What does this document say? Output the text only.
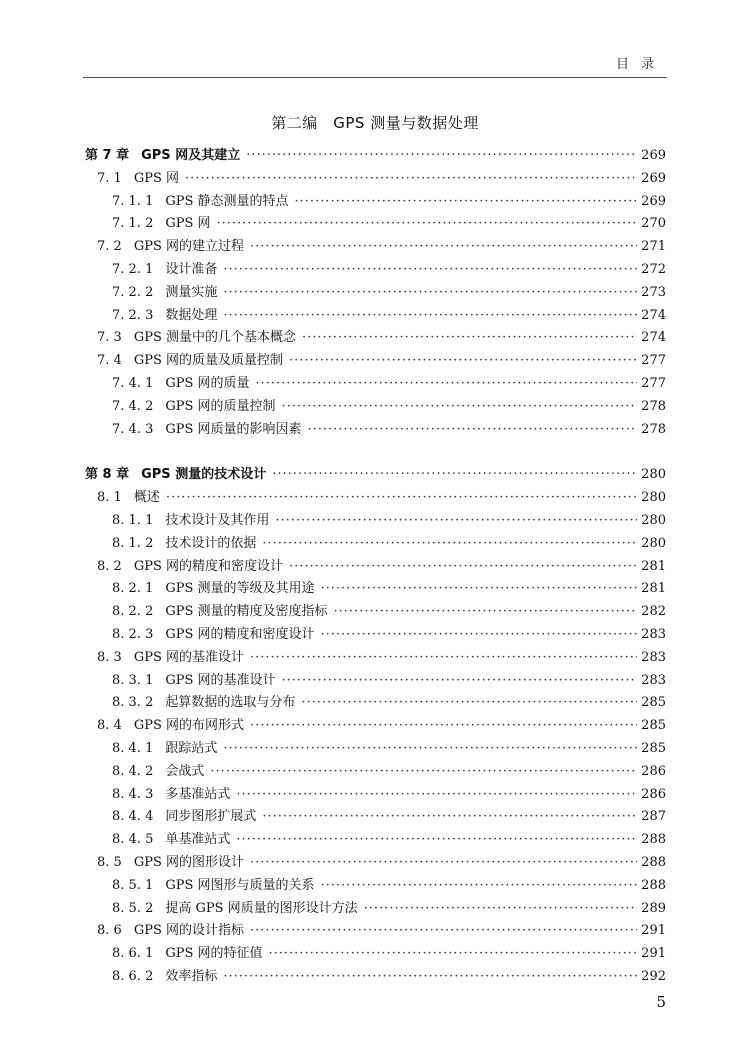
目录
第二编　GPS 测量与数据处理
第 7 章 GPS 网及其建立 ·····	269
7. 1 GPS 网 ·····	269
7. 1. 1 GPS 静态测量的特点 ·····	269
7. 1. 2 GPS 网 ·····	270
7. 2 GPS 网的建立过程 ·····	271
7. 2. 1 设计准备 ·····	272
7. 2. 2 测量实施 ·····	273
7. 2. 3 数据处理 ·····	274
7. 3 GPS 测量中的几个基本概念 ·····	274
7. 4 GPS 网的质量及质量控制 ·····	277
7. 4. 1 GPS 网的质量 ·····	277
7. 4. 2 GPS 网的质量控制 ·····	278
7. 4. 3 GPS 网质量的影响因素 ·····	278
第 8 章 GPS 测量的技术设计 ·····	280
8. 1 概述 ·····	280
8. 1. 1 技术设计及其作用 ·····	280
8. 1. 2 技术设计的依据 ·····	280
8. 2 GPS 网的精度和密度设计 ·····	281
8. 2. 1 GPS 测量的等级及其用途 ·····	281
8. 2. 2 GPS 测量的精度及密度指标 ·····	282
8. 2. 3 GPS 网的精度和密度设计 ·····	283
8. 3 GPS 网的基准设计 ·····	283
8. 3. 1 GPS 网的基准设计 ·····	283
8. 3. 2 起算数据的选取与分布 ·····	285
8. 4 GPS 网的布网形式 ·····	285
8. 4. 1 跟踪站式 ·····	285
8. 4. 2 会战式 ·····	286
8. 4. 3 多基准站式 ·····	286
8. 4. 4 同步图形扩展式 ·····	287
8. 4. 5 单基准站式 ·····	288
8. 5 GPS 网的图形设计 ·····	288
8. 5. 1 GPS 网图形与质量的关系 ·····	288
8. 5. 2 提高 GPS 网质量的图形设计方法 ·····	289
8. 6 GPS 网的设计指标 ·····	291
8. 6. 1 GPS 网的特征值 ·····	291
8. 6. 2 效率指标 ·····	292
5
